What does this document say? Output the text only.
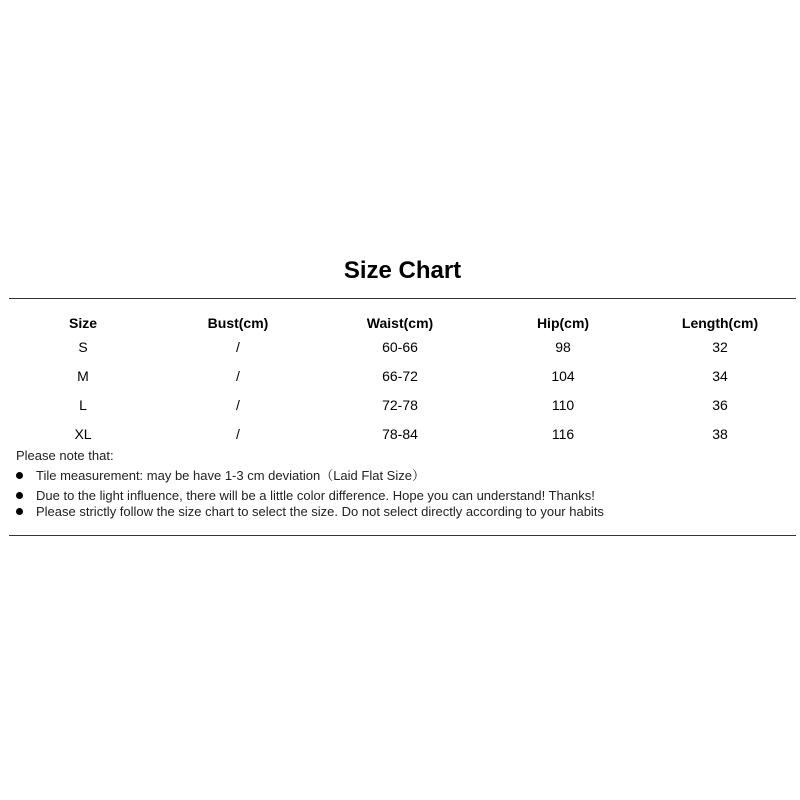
Size Chart
Size	Bust(cm)	Waist(cm)	Hip(cm)	Length(cm)
S	/	60-66	98	32
M	/	66-72	104	34
L	/	72-78	110	36
XL	/	78-84	116	38
Please note that:
Tile measurement: may be have 1-3 cm deviation（Laid Flat Size）
Due to the light influence, there will be a little color difference. Hope you can understand! Thanks!
Please strictly follow the size chart to select the size. Do not select directly according to your habits
